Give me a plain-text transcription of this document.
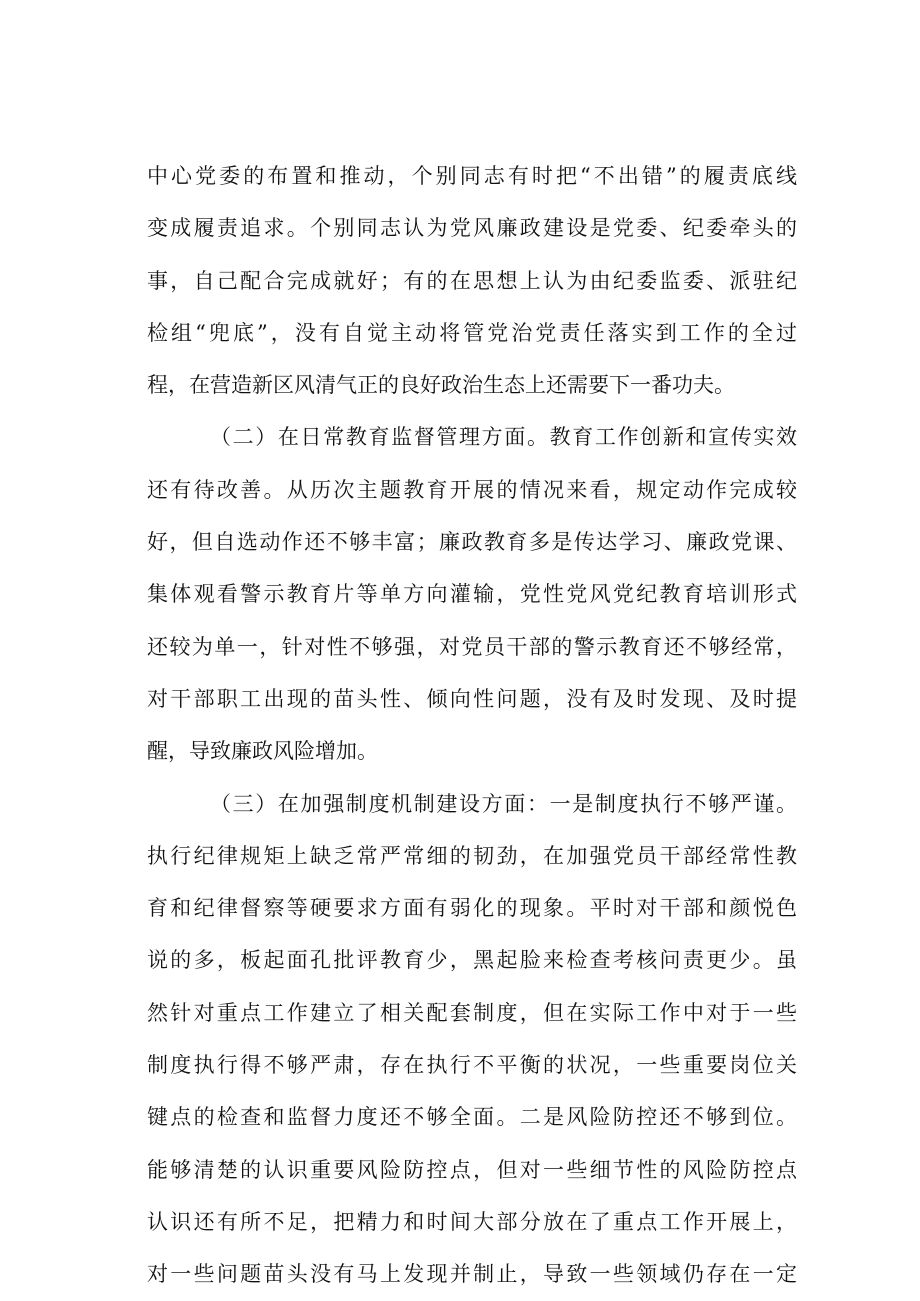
中心党委的布置和推动，个别同志有时把“不出错”的履责底线
变成履责追求。个别同志认为党风廉政建设是党委、纪委牵头的
事，自己配合完成就好；有的在思想上认为由纪委监委、派驻纪
检组“兜底”，没有自觉主动将管党治党责任落实到工作的全过
程，在营造新区风清气正的良好政治生态上还需要下一番功夫。
（二）在日常教育监督管理方面。教育工作创新和宣传实效
还有待改善。从历次主题教育开展的情况来看，规定动作完成较
好，但自选动作还不够丰富；廉政教育多是传达学习、廉政党课、
集体观看警示教育片等单方向灌输，党性党风党纪教育培训形式
还较为单一，针对性不够强，对党员干部的警示教育还不够经常，
对干部职工出现的苗头性、倾向性问题，没有及时发现、及时提
醒，导致廉政风险增加。
（三）在加强制度机制建设方面：一是制度执行不够严谨。
执行纪律规矩上缺乏常严常细的韧劲，在加强党员干部经常性教
育和纪律督察等硬要求方面有弱化的现象。平时对干部和颜悦色
说的多，板起面孔批评教育少，黑起脸来检查考核问责更少。虽
然针对重点工作建立了相关配套制度，但在实际工作中对于一些
制度执行得不够严肃，存在执行不平衡的状况，一些重要岗位关
键点的检查和监督力度还不够全面。二是风险防控还不够到位。
能够清楚的认识重要风险防控点，但对一些细节性的风险防控点
认识还有所不足，把精力和时间大部分放在了重点工作开展上，
对一些问题苗头没有马上发现并制止，导致一些领域仍存在一定
